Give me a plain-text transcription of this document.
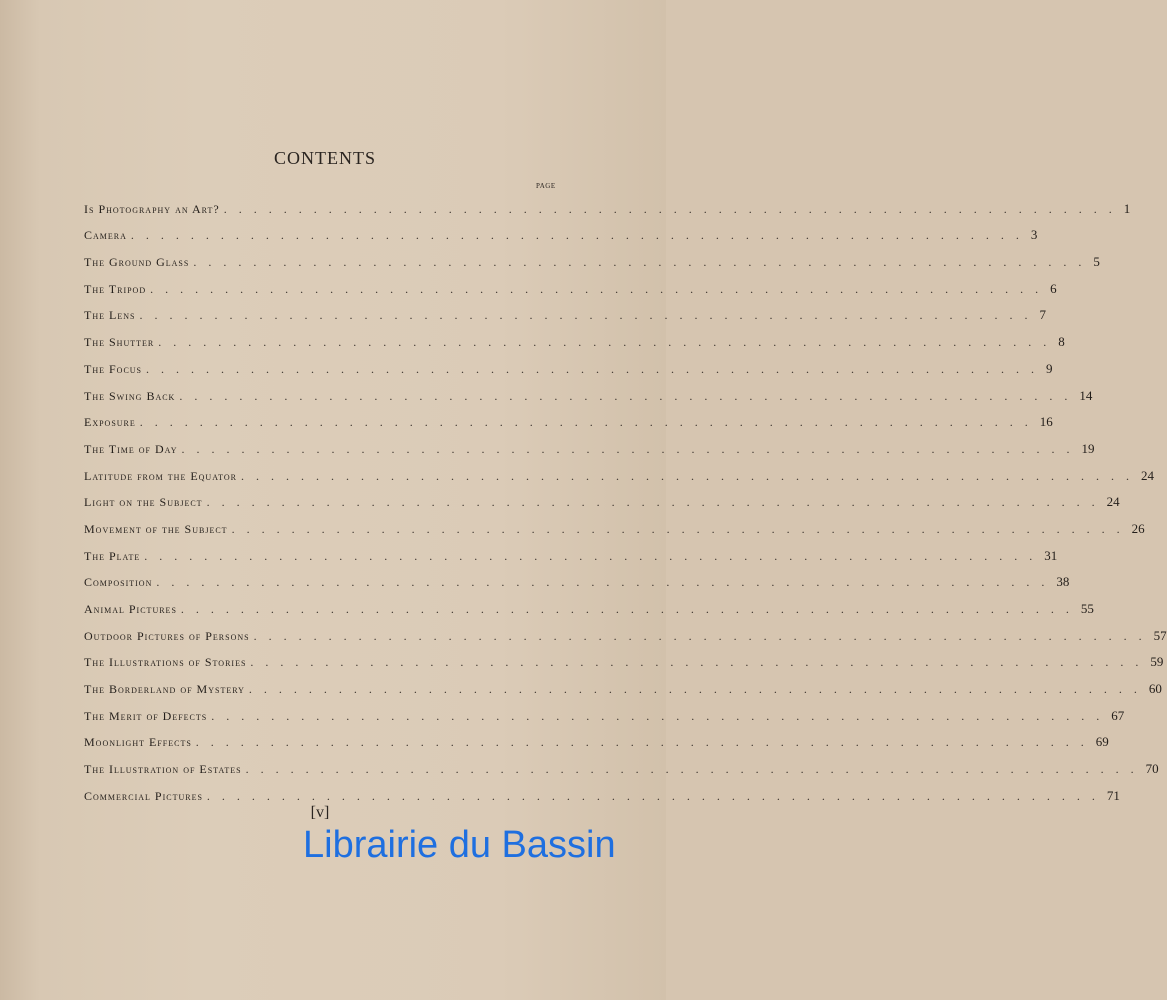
CONTENTS
PAGE
Is Photography an Art? ............................................................ 1
Camera ............................................................ 3
The Ground Glass ............................................................ 5
The Tripod ............................................................ 6
The Lens ............................................................ 7
The Shutter ............................................................ 8
The Focus ............................................................ 9
The Swing Back ............................................................ 14
Exposure ............................................................ 16
The Time of Day ............................................................ 19
Latitude from the Equator ............................................................ 24
Light on the Subject ............................................................ 24
Movement of the Subject ............................................................ 26
The Plate ............................................................ 31
Composition ............................................................ 38
Animal Pictures ............................................................ 55
Outdoor Pictures of Persons ............................................................ 57
The Illustrations of Stories ............................................................ 59
The Borderland of Mystery ............................................................ 60
The Merit of Defects ............................................................ 67
Moonlight Effects ............................................................ 69
The Illustration of Estates ............................................................ 70
Commercial Pictures ............................................................ 71
[v]
Librairie du Bassin
